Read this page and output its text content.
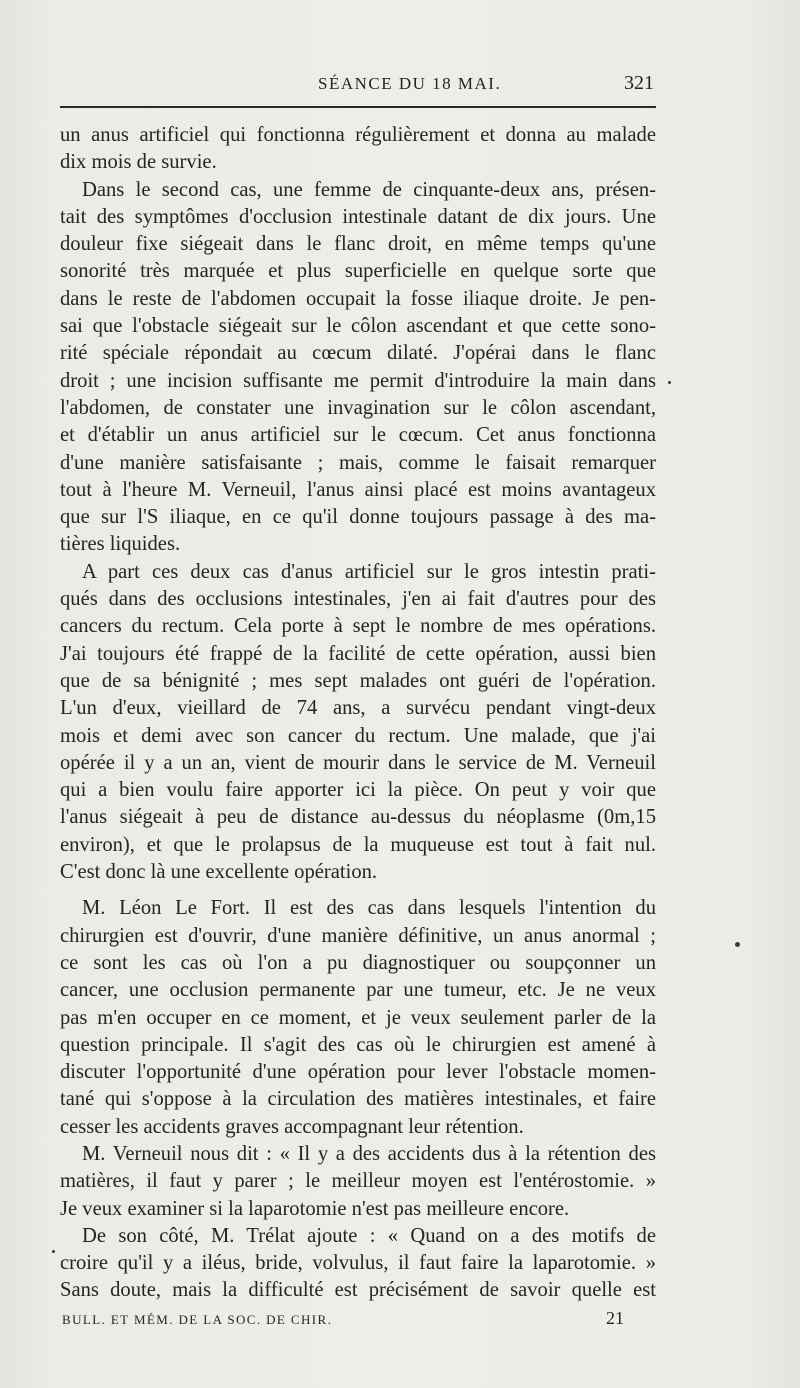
SÉANCE DU 18 MAI.	321
un anus artificiel qui fonctionna régulièrement et donna au malade
dix mois de survie.
Dans le second cas, une femme de cinquante-deux ans, présen-
tait des symptômes d'occlusion intestinale datant de dix jours. Une
douleur fixe siégeait dans le flanc droit, en même temps qu'une
sonorité très marquée et plus superficielle en quelque sorte que
dans le reste de l'abdomen occupait la fosse iliaque droite. Je pen-
sai que l'obstacle siégeait sur le côlon ascendant et que cette sono-
rité spéciale répondait au cœcum dilaté. J'opérai dans le flanc
droit ; une incision suffisante me permit d'introduire la main dans
l'abdomen, de constater une invagination sur le côlon ascendant,
et d'établir un anus artificiel sur le cœcum. Cet anus fonctionna
d'une manière satisfaisante ; mais, comme le faisait remarquer
tout à l'heure M. Verneuil, l'anus ainsi placé est moins avantageux
que sur l'S iliaque, en ce qu'il donne toujours passage à des ma-
tières liquides.
A part ces deux cas d'anus artificiel sur le gros intestin prati-
qués dans des occlusions intestinales, j'en ai fait d'autres pour des
cancers du rectum. Cela porte à sept le nombre de mes opérations.
J'ai toujours été frappé de la facilité de cette opération, aussi bien
que de sa bénignité ; mes sept malades ont guéri de l'opération.
L'un d'eux, vieillard de 74 ans, a survécu pendant vingt-deux
mois et demi avec son cancer du rectum. Une malade, que j'ai
opérée il y a un an, vient de mourir dans le service de M. Verneuil
qui a bien voulu faire apporter ici la pièce. On peut y voir que
l'anus siégeait à peu de distance au-dessus du néoplasme (0m,15
environ), et que le prolapsus de la muqueuse est tout à fait nul.
C'est donc là une excellente opération.
M. Léon Le Fort. Il est des cas dans lesquels l'intention du
chirurgien est d'ouvrir, d'une manière définitive, un anus anormal ;
ce sont les cas où l'on a pu diagnostiquer ou soupçonner un
cancer, une occlusion permanente par une tumeur, etc. Je ne veux
pas m'en occuper en ce moment, et je veux seulement parler de la
question principale. Il s'agit des cas où le chirurgien est amené à
discuter l'opportunité d'une opération pour lever l'obstacle momen-
tané qui s'oppose à la circulation des matières intestinales, et faire
cesser les accidents graves accompagnant leur rétention.
M. Verneuil nous dit : « Il y a des accidents dus à la rétention des
matières, il faut y parer ; le meilleur moyen est l'entérostomie. »
Je veux examiner si la laparotomie n'est pas meilleure encore.
De son côté, M. Trélat ajoute : « Quand on a des motifs de
croire qu'il y a iléus, bride, volvulus, il faut faire la laparotomie. »
Sans doute, mais la difficulté est précisément de savoir quelle est
BULL. ET MÉM. DE LA SOC. DE CHIR.	21
